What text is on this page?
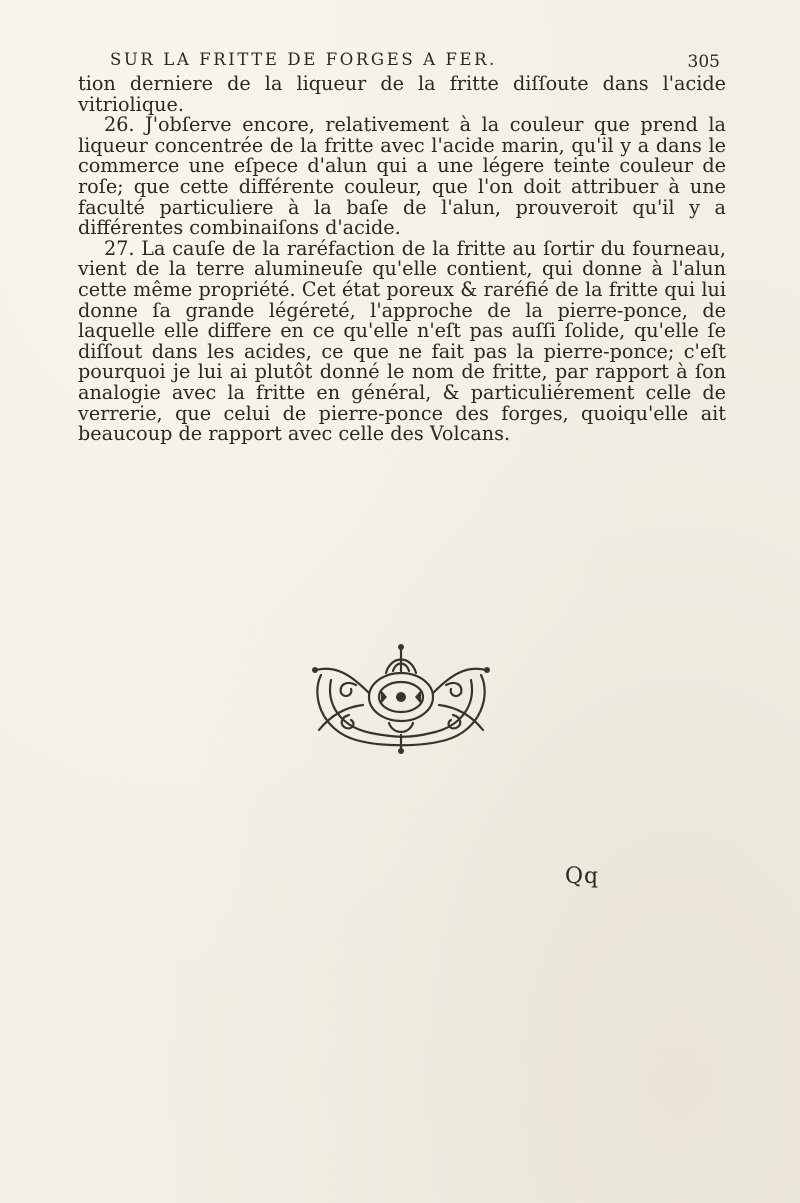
SUR LA FRITTE DE FORGES A FER.	305

tion derniere de la liqueur de la fritte diſſoute dans l'acide vitriolique.

26. J'obſerve encore, relativement à la couleur que prend la liqueur concentrée de la fritte avec l'acide marin, qu'il y a dans le commerce une eſpece d'alun qui a une légere teinte couleur de roſe; que cette différente couleur, que l'on doit attribuer à une faculté particuliere à la baſe de l'alun, prouveroit qu'il y a différentes combinaiſons d'acide.

27. La cauſe de la raréfaction de la fritte au ſortir du fourneau, vient de la terre alumineuſe qu'elle contient, qui donne à l'alun cette même propriété. Cet état poreux & raréfié de la fritte qui lui donne ſa grande légéreté, l'approche de la pierre-ponce, de laquelle elle differe en ce qu'elle n'eſt pas auſſi ſolide, qu'elle ſe diſſout dans les acides, ce que ne fait pas la pierre-ponce; c'eſt pourquoi je lui ai plutôt donné le nom de fritte, par rapport à ſon analogie avec la fritte en général, & particuliérement celle de verrerie, que celui de pierre-ponce des forges, quoiqu'elle ait beaucoup de rapport avec celle des Volcans.

Qq
